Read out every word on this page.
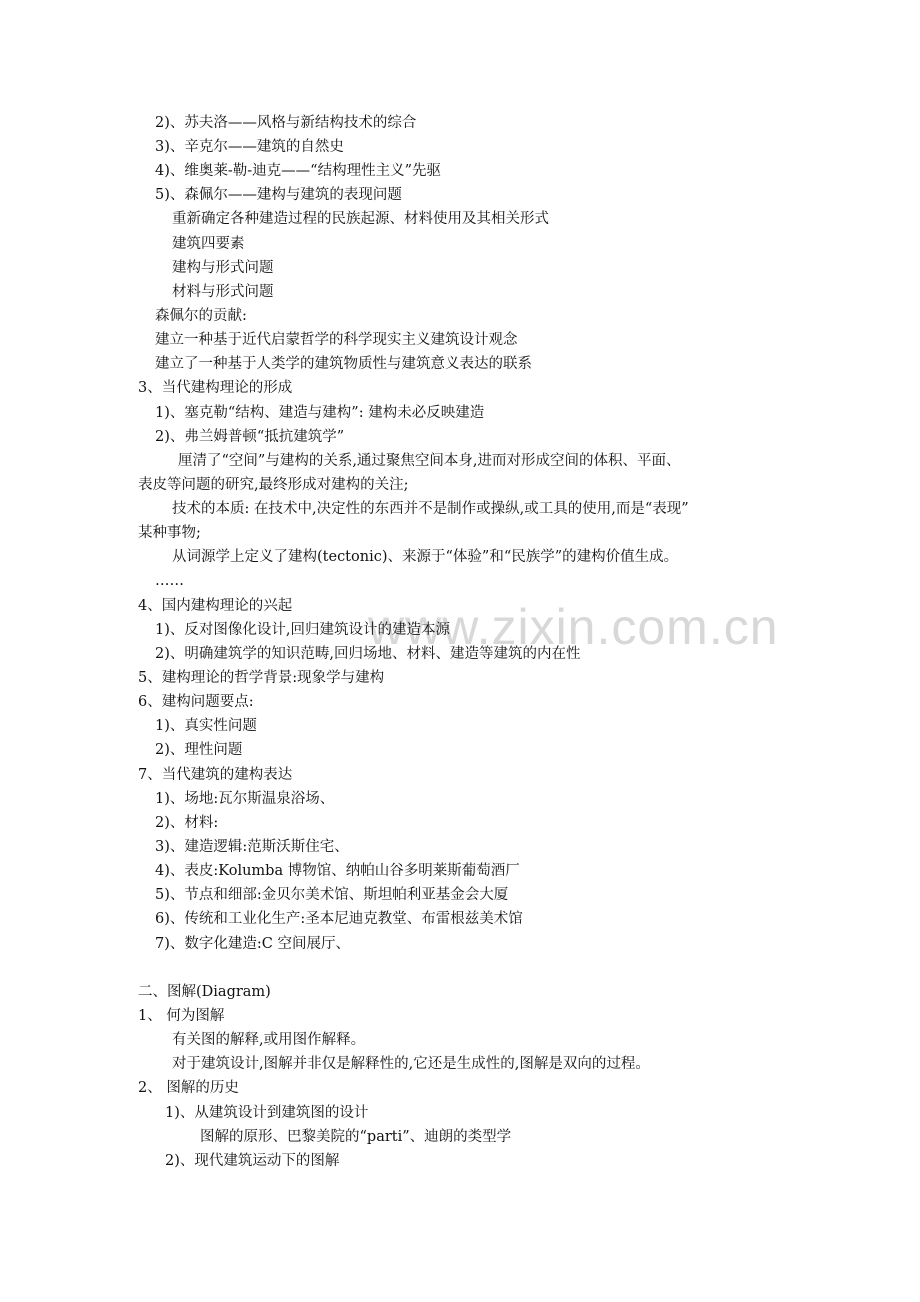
www.zixin.com.cn
2)、苏夫洛——风格与新结构技术的综合
3)、辛克尔——建筑的自然史
4)、维奥莱-勒-迪克——“结构理性主义”先驱
5)、森佩尔——建构与建筑的表现问题
重新确定各种建造过程的民族起源、材料使用及其相关形式
建筑四要素
建构与形式问题
材料与形式问题
森佩尔的贡献:
建立一种基于近代启蒙哲学的科学现实主义建筑设计观念
建立了一种基于人类学的建筑物质性与建筑意义表达的联系
3、当代建构理论的形成
1)、塞克勒“结构、建造与建构”: 建构未必反映建造
2)、弗兰姆普顿“抵抗建筑学”
厘清了“空间”与建构的关系,通过聚焦空间本身,进而对形成空间的体积、平面、
表皮等问题的研究,最终形成对建构的关注;
技术的本质: 在技术中,决定性的东西并不是制作或操纵,或工具的使用,而是“表现”
某种事物;
从词源学上定义了建构(tectonic)、来源于“体验”和“民族学”的建构价值生成。
……
4、国内建构理论的兴起
1)、反对图像化设计,回归建筑设计的建造本源
2)、明确建筑学的知识范畴,回归场地、材料、建造等建筑的内在性
5、建构理论的哲学背景:现象学与建构
6、建构问题要点:
1)、真实性问题
2)、理性问题
7、当代建筑的建构表达
1)、场地:瓦尔斯温泉浴场、
2)、材料:
3)、建造逻辑:范斯沃斯住宅、
4)、表皮:Kolumba 博物馆、纳帕山谷多明莱斯葡萄酒厂
5)、节点和细部:金贝尔美术馆、斯坦帕利亚基金会大厦
6)、传统和工业化生产:圣本尼迪克教堂、布雷根兹美术馆
7)、数字化建造:C 空间展厅、
二、图解(Diagram)
1、 何为图解
有关图的解释,或用图作解释。
对于建筑设计,图解并非仅是解释性的,它还是生成性的,图解是双向的过程。
2、 图解的历史
1)、从建筑设计到建筑图的设计
图解的原形、巴黎美院的“parti”、迪朗的类型学
2)、现代建筑运动下的图解
